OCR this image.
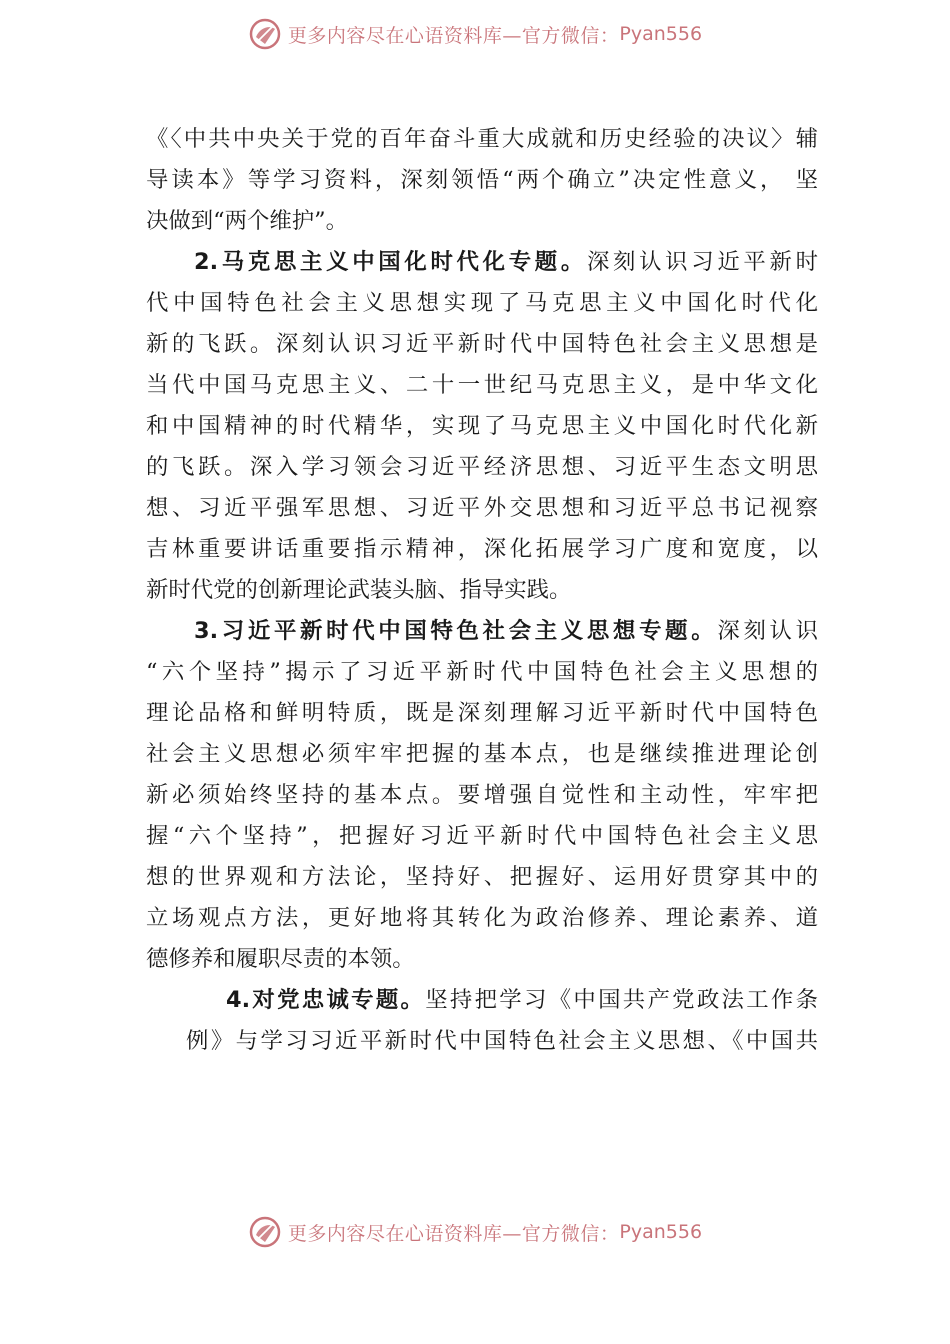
更多内容尽在心语资料库—官方微信： Pyan556
《〈中共中央关于党的百年奋斗重大成就和历史经验的决议〉辅
导读本》等学习资料，深刻领悟“两个确立”决定性意义， 坚
决做到“两个维护”。
2.马克思主义中国化时代化专题。深刻认识习近平新时
代中国特色社会主义思想实现了马克思主义中国化时代化
新的飞跃。深刻认识习近平新时代中国特色社会主义思想是
当代中国马克思主义、二十一世纪马克思主义，是中华文化
和中国精神的时代精华，实现了马克思主义中国化时代化新
的飞跃。深入学习领会习近平经济思想、习近平生态文明思
想、习近平强军思想、习近平外交思想和习近平总书记视察
吉林重要讲话重要指示精神，深化拓展学习广度和宽度，以
新时代党的创新理论武装头脑、指导实践。
3.习近平新时代中国特色社会主义思想专题。深刻认识
“六个坚持”揭示了习近平新时代中国特色社会主义思想的
理论品格和鲜明特质，既是深刻理解习近平新时代中国特色
社会主义思想必须牢牢把握的基本点，也是继续推进理论创
新必须始终坚持的基本点。要增强自觉性和主动性，牢牢把
握“六个坚持”，把握好习近平新时代中国特色社会主义思
想的世界观和方法论，坚持好、把握好、运用好贯穿其中的
立场观点方法，更好地将其转化为政治修养、理论素养、道
德修养和履职尽责的本领。
4.对党忠诚专题。坚持把学习《中国共产党政法工作条
例》与学习习近平新时代中国特色社会主义思想、《中国共
更多内容尽在心语资料库—官方微信： Pyan556
